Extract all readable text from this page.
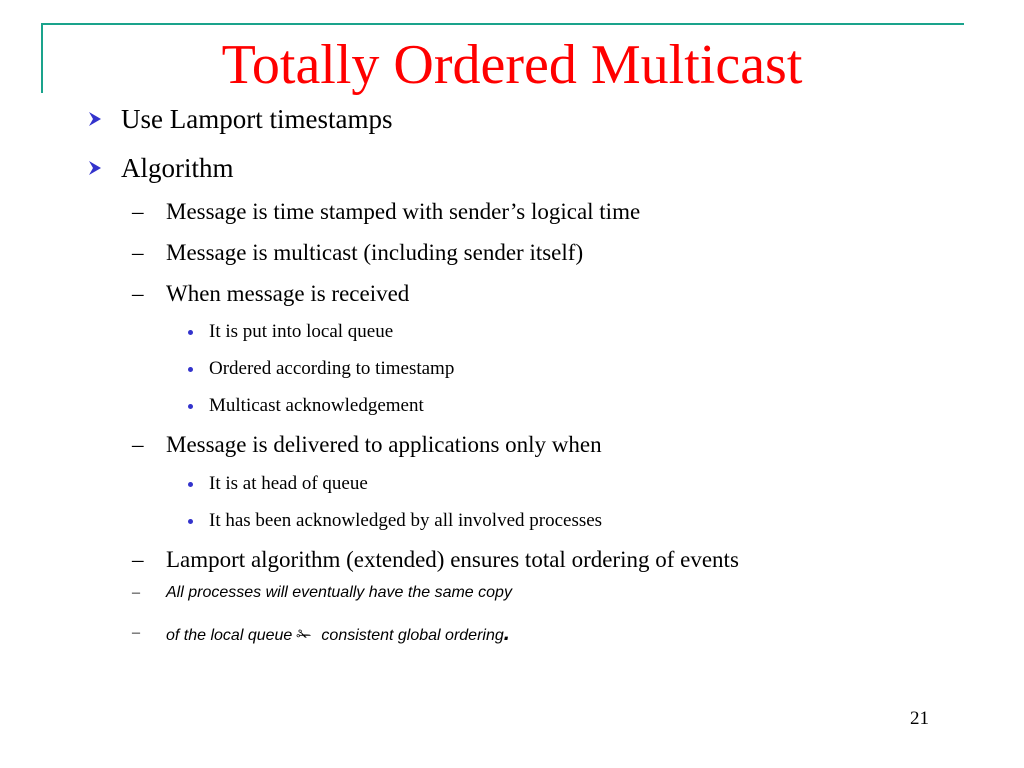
Totally Ordered Multicast
Use Lamport timestamps
Algorithm
– Message is time stamped with sender’s logical time
– Message is multicast (including sender itself)
– When message is received
It is put into local queue
Ordered according to timestamp
Multicast acknowledgement
– Message is delivered to applications only when
It is at head of queue
It has been acknowledged by all involved processes
– Lamport algorithm (extended) ensures total ordering of events
– All processes will eventually have the same copy
– of the local queue ✁ consistent global ordering.
21
